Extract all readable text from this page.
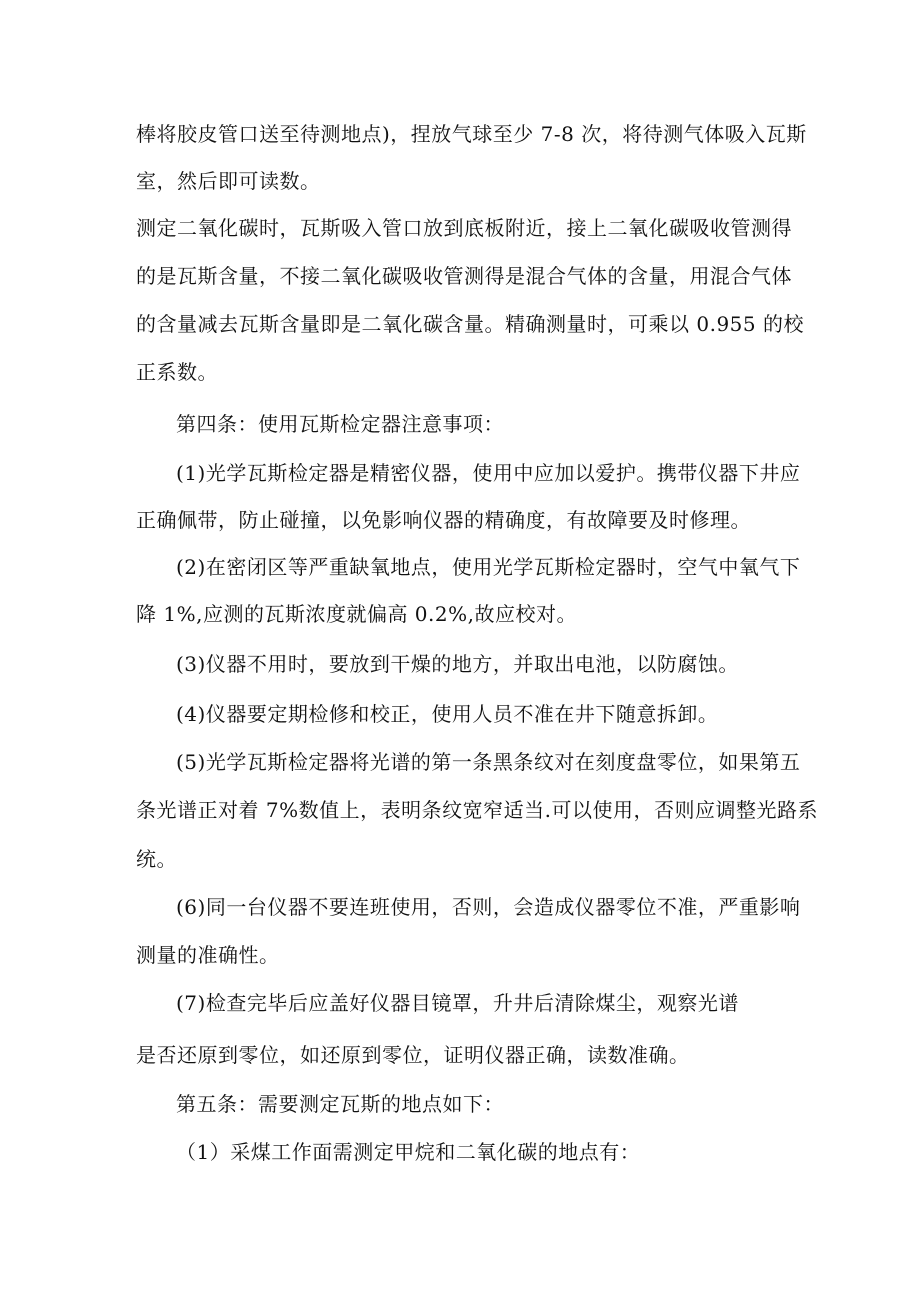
棒将胶皮管口送至待测地点)，捏放气球至少 7-8 次，将待测气体吸入瓦斯
室，然后即可读数。
测定二氧化碳时，瓦斯吸入管口放到底板附近，接上二氧化碳吸收管测得
的是瓦斯含量，不接二氧化碳吸收管测得是混合气体的含量，用混合气体
的含量减去瓦斯含量即是二氧化碳含量。精确测量时，可乘以 0.955 的校
正系数。
第四条：使用瓦斯检定器注意事项：
(1)光学瓦斯检定器是精密仪器，使用中应加以爱护。携带仪器下井应
正确佩带，防止碰撞，以免影响仪器的精确度，有故障要及时修理。
(2)在密闭区等严重缺氧地点，使用光学瓦斯检定器时，空气中氧气下
降 1%,应测的瓦斯浓度就偏高 0.2%,故应校对。
(3)仪器不用时，要放到干燥的地方，并取出电池，以防腐蚀。
(4)仪器要定期检修和校正，使用人员不准在井下随意拆卸。
(5)光学瓦斯检定器将光谱的第一条黑条纹对在刻度盘零位，如果第五
条光谱正对着 7%数值上，表明条纹宽窄适当.可以使用，否则应调整光路系
统。
(6)同一台仪器不要连班使用，否则，会造成仪器零位不准，严重影响
测量的准确性。
(7)检查完毕后应盖好仪器目镜罩，升井后清除煤尘，观察光谱
是否还原到零位，如还原到零位，证明仪器正确，读数准确。
第五条：需要测定瓦斯的地点如下：
（1）采煤工作面需测定甲烷和二氧化碳的地点有：
